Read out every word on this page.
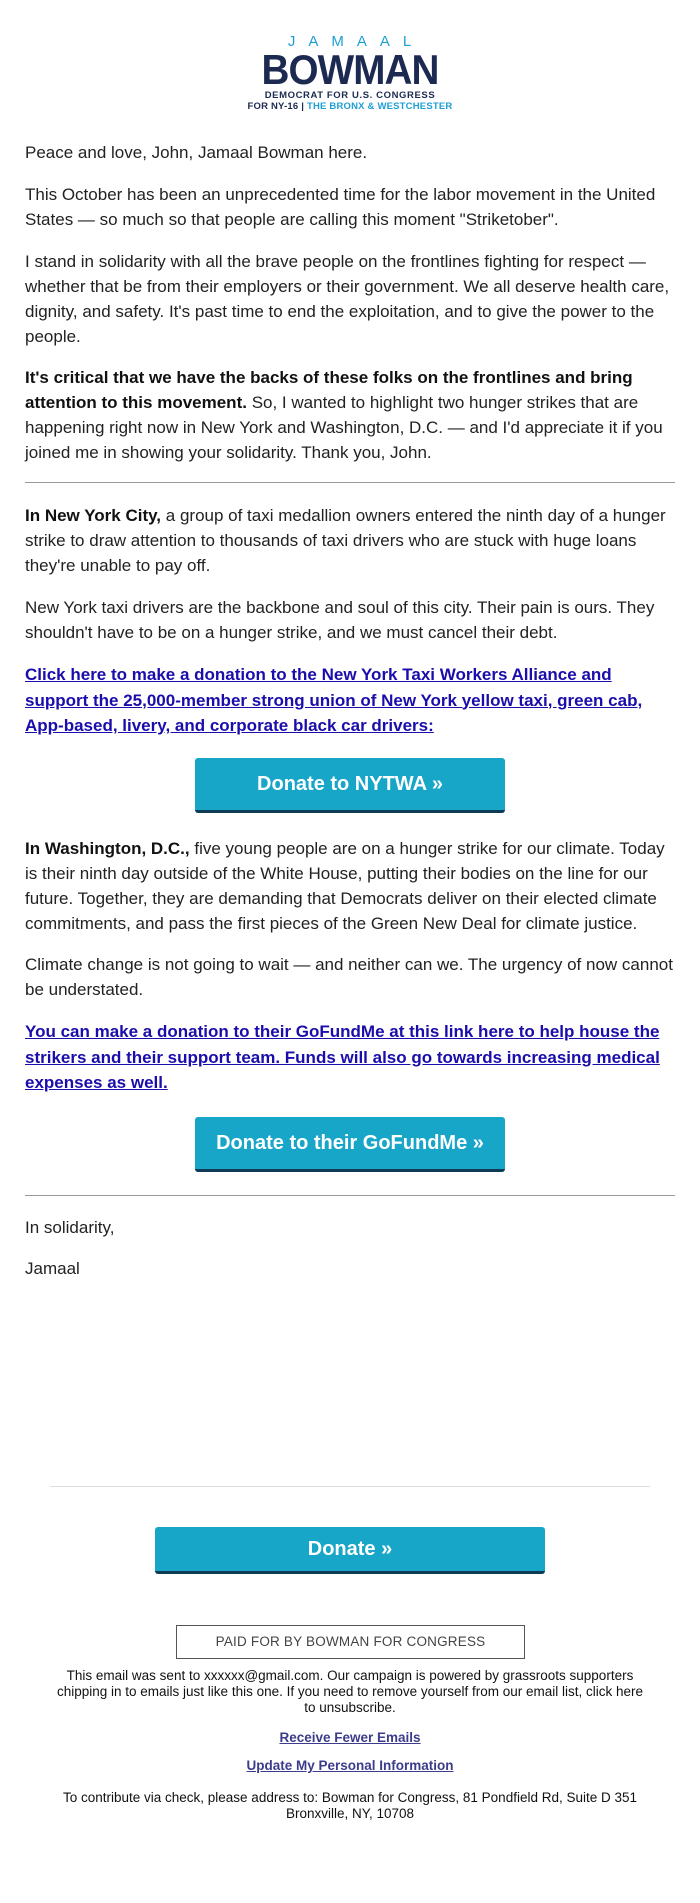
JAMAAL
BOWMAN
DEMOCRAT FOR U.S. CONGRESS
FOR NY-16 | THE BRONX & WESTCHESTER

Peace and love, John, Jamaal Bowman here.

This October has been an unprecedented time for the labor movement in the United States — so much so that people are calling this moment "Striketober".

I stand in solidarity with all the brave people on the frontlines fighting for respect — whether that be from their employers or their government. We all deserve health care, dignity, and safety. It's past time to end the exploitation, and to give the power to the people.

It's critical that we have the backs of these folks on the frontlines and bring attention to this movement. So, I wanted to highlight two hunger strikes that are happening right now in New York and Washington, D.C. — and I'd appreciate it if you joined me in showing your solidarity. Thank you, John.

In New York City, a group of taxi medallion owners entered the ninth day of a hunger strike to draw attention to thousands of taxi drivers who are stuck with huge loans they're unable to pay off.

New York taxi drivers are the backbone and soul of this city. Their pain is ours. They shouldn't have to be on a hunger strike, and we must cancel their debt.

Click here to make a donation to the New York Taxi Workers Alliance and support the 25,000-member strong union of New York yellow taxi, green cab, App-based, livery, and corporate black car drivers:
Donate to NYTWA »

In Washington, D.C., five young people are on a hunger strike for our climate. Today is their ninth day outside of the White House, putting their bodies on the line for our future. Together, they are demanding that Democrats deliver on their elected climate commitments, and pass the first pieces of the Green New Deal for climate justice.

Climate change is not going to wait — and neither can we. The urgency of now cannot be understated.

You can make a donation to their GoFundMe at this link here to help house the strikers and their support team. Funds will also go towards increasing medical expenses as well.
Donate to their GoFundMe »

In solidarity,

Jamaal

Donate »
PAID FOR BY BOWMAN FOR CONGRESS
This email was sent to xxxxxx@gmail.com. Our campaign is powered by grassroots supporters chipping in to emails just like this one. If you need to remove yourself from our email list, click here to unsubscribe.
Receive Fewer Emails
Update My Personal Information
To contribute via check, please address to: Bowman for Congress, 81 Pondfield Rd, Suite D 351 Bronxville, NY, 10708
